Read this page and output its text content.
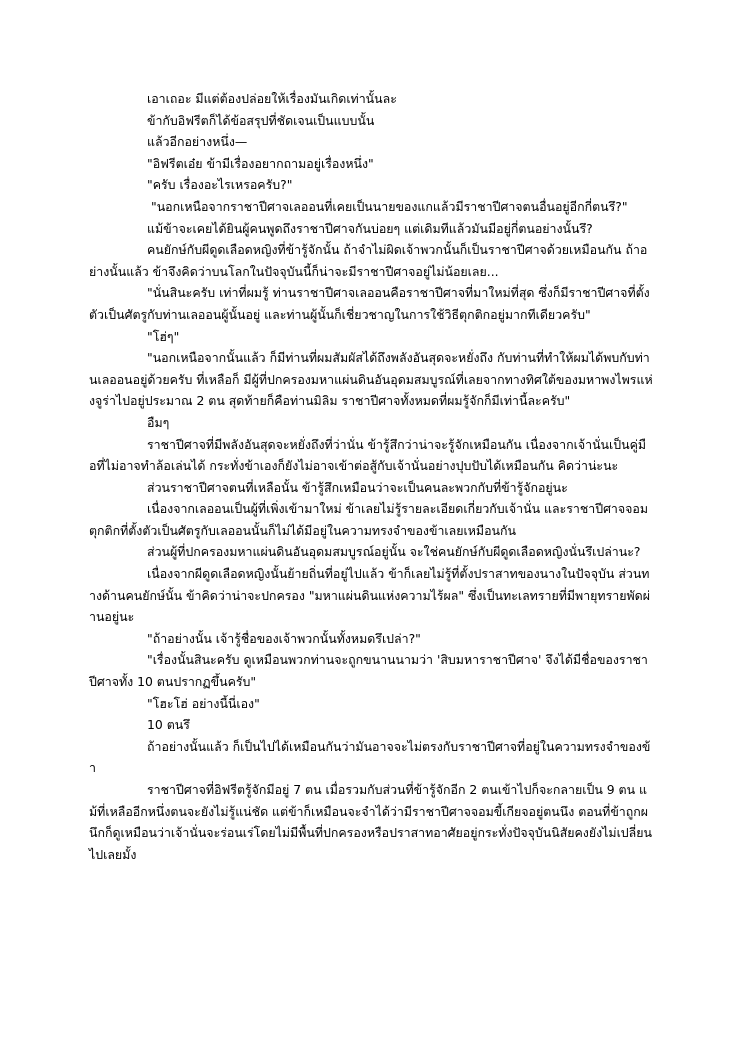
เอาเถอะ มีแต่ต้องปล่อยให้เรื่องมันเกิดเท่านั้นละ

ข้ากับอิฟรีตก็ได้ข้อสรุปที่ชัดเจนเป็นแบบนั้น

แล้วอีกอย่างหนึ่ง—

"อิฟรีตเอ๋ย ข้ามีเรื่องอยากถามอยู่เรื่องหนึ่ง"

"ครับ เรื่องอะไรเหรอครับ?"

"นอกเหนือจากราชาปีศาจเลออนที่เคยเป็นนายของแกแล้วมีราชาปีศาจตนอื่นอยู่อีกกี่ตนรึ?"

แม้ข้าจะเคยได้ยินผู้คนพูดถึงราชาปีศาจกันบ่อยๆ แต่เดิมทีแล้วมันมีอยู่กี่ตนอย่างนั้นรึ?

คนยักษ์กับผีดูดเลือดหญิงที่ข้ารู้จักนั้น ถ้าจำไม่ผิดเจ้าพวกนั้นก็เป็นราชาปีศาจด้วยเหมือนกัน ถ้าอย่างนั้นแล้ว ข้าจึงคิดว่าบนโลกในปัจจุบันนี้ก็น่าจะมีราชาปีศาจอยู่ไม่น้อยเลย...

"นั่นสินะครับ เท่าที่ผมรู้ ท่านราชาปีศาจเลออนคือราชาปีศาจที่มาใหม่ที่สุด ซึ่งก็มีราชาปีศาจที่ตั้งตัวเป็นศัตรูกับท่านเลออนผู้นั้นอยู่ และท่านผู้นั้นก็เชี่ยวชาญในการใช้วิธีตุกติกอยู่มากทีเดียวครับ"

"โฮ่ๆ"

"นอกเหนือจากนั้นแล้ว ก็มีท่านที่ผมสัมผัสได้ถึงพลังอันสุดจะหยั่งถึง กับท่านที่ทำให้ผมได้พบกับท่านเลออนอยู่ด้วยครับ ที่เหลือก็ มีผู้ที่ปกครองมหาแผ่นดินอันอุดมสมบูรณ์ที่เลยจากทางทิศใต้ของมหาพงไพรแห่งจูร่าไปอยู่ประมาณ 2 ตน สุดท้ายก็คือท่านมิลิม ราชาปีศาจทั้งหมดที่ผมรู้จักก็มีเท่านี้ละครับ"

อืมๆ

ราชาปีศาจที่มีพลังอันสุดจะหยั่งถึงที่ว่านั่น ข้ารู้สึกว่าน่าจะรู้จักเหมือนกัน เนื่องจากเจ้านั่นเป็นคู่มือที่ไม่อาจทำล้อเล่นได้ กระทั่งข้าเองก็ยังไม่อาจเข้าต่อสู้กับเจ้านั่นอย่างปุบปับได้เหมือนกัน คิดว่าน่ะนะ

ส่วนราชาปีศาจตนที่เหลือนั้น ข้ารู้สึกเหมือนว่าจะเป็นคนละพวกกับที่ข้ารู้จักอยู่นะ

เนื่องจากเลออนเป็นผู้ที่เพิ่งเข้ามาใหม่ ข้าเลยไม่รู้รายละเอียดเกี่ยวกับเจ้านั่น และราชาปีศาจจอมตุกติกที่ตั้งตัวเป็นศัตรูกับเลออนนั้นก็ไม่ได้มีอยู่ในความทรงจำของข้าเลยเหมือนกัน

ส่วนผู้ที่ปกครองมหาแผ่นดินอันอุดมสมบูรณ์อยู่นั้น จะใช่คนยักษ์กับผีดูดเลือดหญิงนั่นรึเปล่านะ?

เนื่องจากผีดูดเลือดหญิงนั้นย้ายถิ่นที่อยู่ไปแล้ว ข้าก็เลยไม่รู้ที่ตั้งปราสาทของนางในปัจจุบัน ส่วนทางด้านคนยักษ์นั้น ข้าคิดว่าน่าจะปกครอง "มหาแผ่นดินแห่งความไร้ผล" ซึ่งเป็นทะเลทรายที่มีพายุทรายพัดผ่านอยู่นะ

"ถ้าอย่างนั้น เจ้ารู้ชื่อของเจ้าพวกนั้นทั้งหมดรึเปล่า?"

"เรื่องนั้นสินะครับ ดูเหมือนพวกท่านจะถูกขนานนามว่า 'สิบมหาราชาปีศาจ' จึงได้มีชื่อของราชาปีศาจทั้ง 10 ตนปรากฏขึ้นครับ"

"โฮะโฮ่ อย่างนี้นี่เอง"

10 ตนรึ

ถ้าอย่างนั้นแล้ว ก็เป็นไปได้เหมือนกันว่ามันอาจจะไม่ตรงกับราชาปีศาจที่อยู่ในความทรงจำของข้า

ราชาปีศาจที่อิฟรีตรู้จักมีอยู่ 7 ตน เมื่อรวมกับส่วนที่ข้ารู้จักอีก 2 ตนเข้าไปก็จะกลายเป็น 9 ตน แม้ที่เหลืออีกหนึ่งตนจะยังไม่รู้แน่ชัด แต่ข้าก็เหมือนจะจำได้ว่ามีราชาปีศาจจอมขี้เกียจอยู่ตนนึง ตอนที่ข้าถูกผนึกก็ดูเหมือนว่าเจ้านั่นจะร่อนเร่โดยไม่มีพื้นที่ปกครองหรือปราสาทอาศัยอยู่กระทั่งปัจจุบันนิสัยคงยังไม่เปลี่ยนไปเลยมั้ง
